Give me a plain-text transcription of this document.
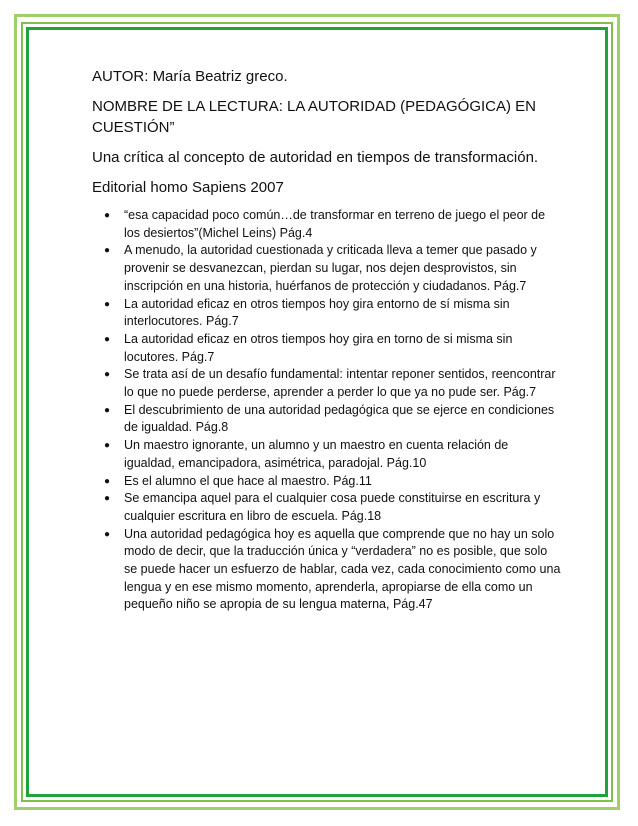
AUTOR: María Beatriz greco.

NOMBRE DE LA LECTURA: LA AUTORIDAD (PEDAGÓGICA) EN CUESTIÓN”

Una crítica al concepto de autoridad en tiempos de transformación.

Editorial homo Sapiens 2007

● “esa capacidad poco común…de transformar en terreno de juego el peor de los desiertos”(Michel Leins) Pág.4
● A menudo, la autoridad cuestionada y criticada lleva a temer que pasado y provenir se desvanezcan, pierdan su lugar, nos dejen desprovistos, sin inscripción en una historia, huérfanos de protección y ciudadanos. Pág.7
● La autoridad eficaz en otros tiempos hoy gira entorno de sí misma sin interlocutores. Pág.7
● La autoridad eficaz en otros tiempos hoy gira en torno de si misma sin locutores. Pág.7
● Se trata así de un desafío fundamental: intentar reponer sentidos, reencontrar lo que no puede perderse, aprender a perder lo que ya no pude ser. Pág.7
● El descubrimiento de una autoridad pedagógica que se ejerce en condiciones de igualdad. Pág.8
● Un maestro ignorante, un alumno y un maestro en cuenta relación de igualdad, emancipadora, asimétrica, paradojal. Pág.10
● Es el alumno el que hace al maestro. Pág.11
● Se emancipa aquel para el cualquier cosa puede constituirse en escritura y cualquier escritura en libro de escuela. Pág.18
● Una autoridad pedagógica hoy es aquella que comprende que no hay un solo modo de decir, que la traducción única y “verdadera” no es posible, que solo se puede hacer un esfuerzo de hablar, cada vez, cada conocimiento como una lengua y en ese mismo momento, aprenderla, apropiarse de ella como un pequeño niño se apropia de su lengua materna, Pág.47
